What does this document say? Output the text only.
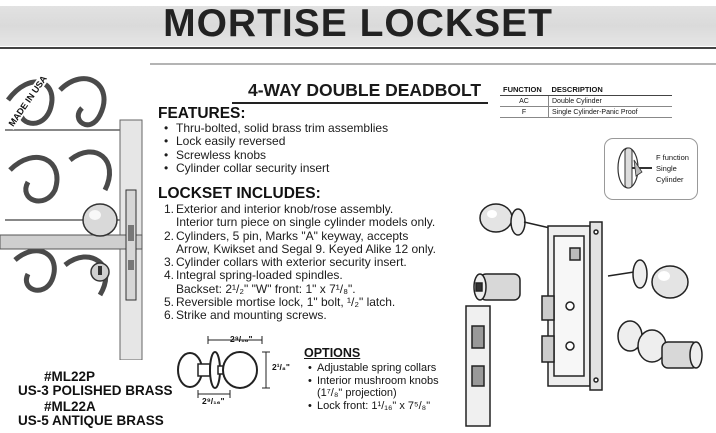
MORTISE LOCKSET
4-WAY DOUBLE DEADBOLT	FUNCTION	DESCRIPTION
AC	Double Cylinder
F	Single Cylinder-Panic Proof
F function
Single
Cylinder
MADE IN USA	FEATURES:
• Thru-bolted, solid brass trim assemblies
• Lock easily reversed
• Screwless knobs
• Cylinder collar security insert
LOCKSET INCLUDES:
1. Exterior and interior knob/rose assembly.
Interior turn piece on single cylinder models only.
2. Cylinders, 5 pin, Marks "A" keyway, accepts
Arrow, Kwikset and Segal 9. Keyed Alike 12 only.
3. Cylinder collars with exterior security insert.
4. Integral spring-loaded spindles.
Backset: 2¹/₂" "W" front: 1" x 7¹/₈".
5. Reversible mortise lock, 1" bolt, ¹/₂" latch.
6. Strike and mounting screws.
#ML22P
US-3 POLISHED BRASS
#ML22A
US-5 ANTIQUE BRASS
2⁹/₁₆"
2¹/₈"
2⁹/₁₆"
OPTIONS
• Adjustable spring collars
• Interior mushroom knobs
(1⁷/₈" projection)
• Lock front: 1¹/₁₆" x 7⁵/₈"
